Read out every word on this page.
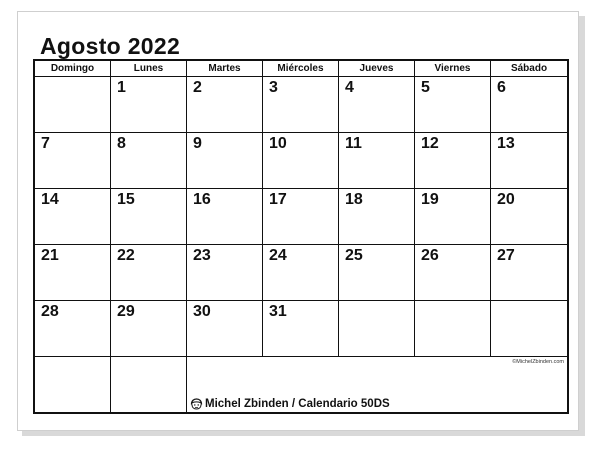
Agosto 2022
Domingo	Lunes	Martes	Miércoles	Jueves	Viernes	Sábado

	1	2	3	4	5	6

7	8	9	10	11	12	13

14	15	16	17	18	19	20

21	22	23	24	25	26	27

28	29	30	31			

		©MichelZbinden.com
Michel Zbinden / Calendario 50DS				
